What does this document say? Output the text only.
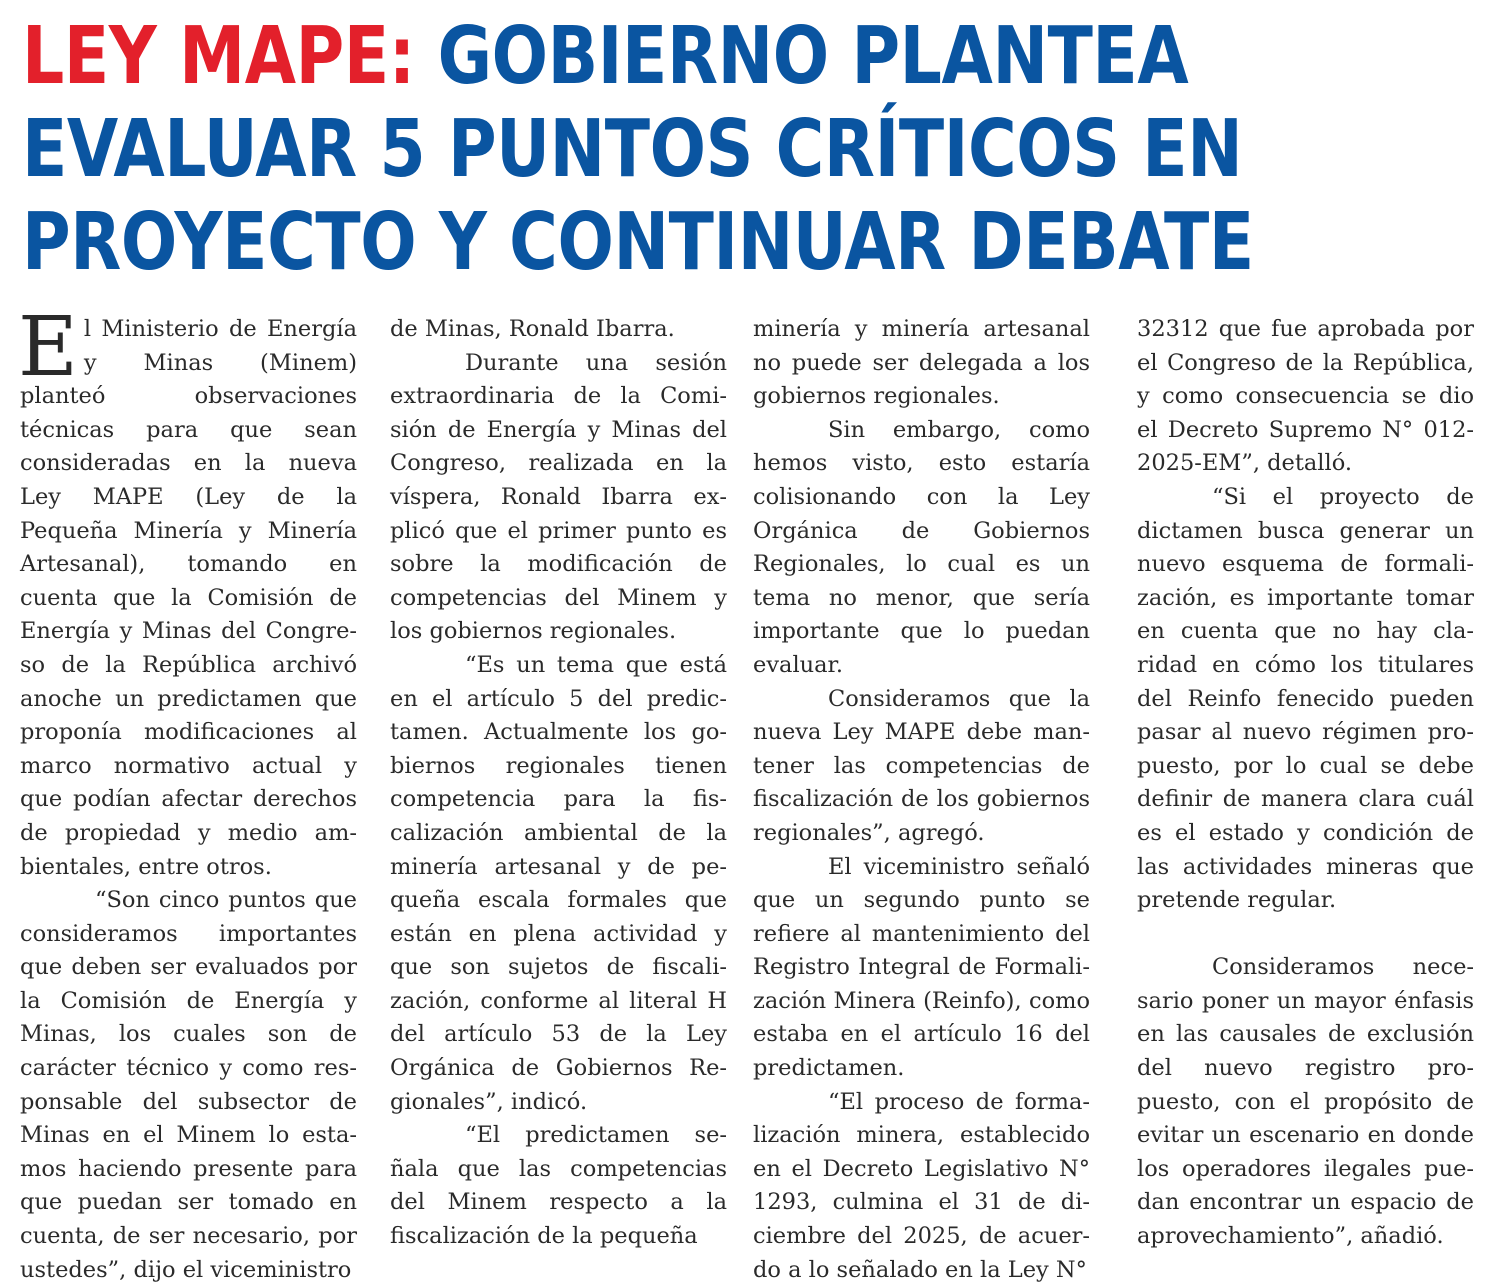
LEY MAPE: GOBIERNO PLANTEA
EVALUAR 5 PUNTOS CRÍTICOS EN
PROYECTO Y CONTINUAR DEBATE

El Ministerio de Energía y Minas (Minem) planteó observaciones técnicas para que sean consideradas en la nueva Ley MAPE (Ley de la Pequeña Minería y Minería Artesanal), tomando en cuenta que la Comisión de Energía y Minas del Congreso de la República archivó anoche un predictamen que proponía modificaciones al marco normativo actual y que podían afectar derechos de propiedad y medio ambientales, entre otros.

“Son cinco puntos que consideramos importantes que deben ser evaluados por la Comisión de Energía y Minas, los cuales son de carácter técnico y como responsable del subsector de Minas en el Minem lo estamos haciendo presente para que puedan ser tomado en cuenta, de ser necesario, por ustedes”, dijo el viceministro

de Minas, Ronald Ibarra.

Durante una sesión extraordinaria de la Comisión de Energía y Minas del Congreso, realizada en la víspera, Ronald Ibarra explicó que el primer punto es sobre la modificación de competencias del Minem y los gobiernos regionales.

“Es un tema que está en el artículo 5 del predictamen. Actualmente los gobiernos regionales tienen competencia para la fiscalización ambiental de la minería artesanal y de pequeña escala formales que están en plena actividad y que son sujetos de fiscalización, conforme al literal H del artículo 53 de la Ley Orgánica de Gobiernos Regionales”, indicó.

“El predictamen señala que las competencias del Minem respecto a la fiscalización de la pequeña

minería y minería artesanal no puede ser delegada a los gobiernos regionales.

Sin embargo, como hemos visto, esto estaría colisionando con la Ley Orgánica de Gobiernos Regionales, lo cual es un tema no menor, que sería importante que lo puedan evaluar.

Consideramos que la nueva Ley MAPE debe mantener las competencias de fiscalización de los gobiernos regionales”, agregó.

El viceministro señaló que un segundo punto se refiere al mantenimiento del Registro Integral de Formalización Minera (Reinfo), como estaba en el artículo 16 del predictamen.

“El proceso de formalización minera, establecido en el Decreto Legislativo N° 1293, culmina el 31 de diciembre del 2025, de acuerdo a lo señalado en la Ley N°

32312 que fue aprobada por el Congreso de la República, y como consecuencia se dio el Decreto Supremo N° 012-2025-EM”, detalló.

“Si el proyecto de dictamen busca generar un nuevo esquema de formalización, es importante tomar en cuenta que no hay claridad en cómo los titulares del Reinfo fenecido pueden pasar al nuevo régimen propuesto, por lo cual se debe definir de manera clara cuál es el estado y condición de las actividades mineras que pretende regular.

Consideramos necesario poner un mayor énfasis en las causales de exclusión del nuevo registro propuesto, con el propósito de evitar un escenario en donde los operadores ilegales puedan encontrar un espacio de aprovechamiento”, añadió.
